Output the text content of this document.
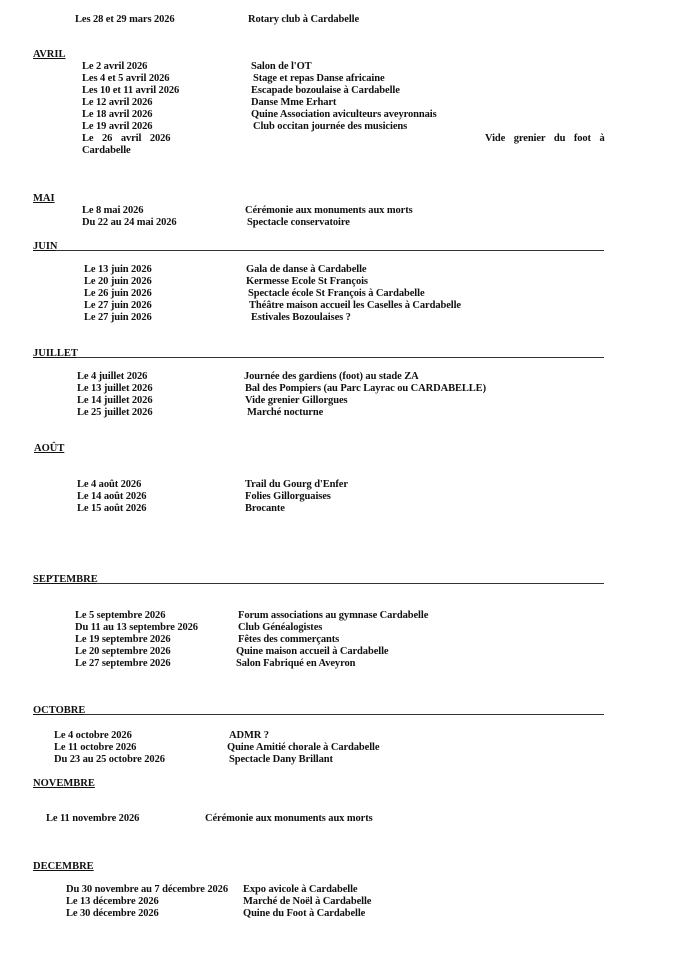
Les 28 et 29 mars 2026	Rotary club à Cardabelle
AVRIL
Le 2 avril 2026	Salon de l'OT
Les 4 et 5 avril 2026	Stage et repas Danse africaine
Les 10 et 11 avril 2026	Escapade bozoulaise à Cardabelle
Le 12 avril 2026	Danse Mme Erhart
Le 18 avril 2026	Quine Association aviculteurs aveyronnais
Le 19 avril 2026	Club occitan journée des musiciens
Le 26 avril 2026	Vide grenier du foot à
Cardabelle
MAI
Le 8 mai 2026	Cérémonie aux monuments aux morts
Du 22 au 24 mai 2026	Spectacle conservatoire
JUIN
Le 13 juin 2026	Gala de danse à Cardabelle
Le 20 juin 2026	Kermesse Ecole St François
Le 26 juin 2026	Spectacle école St François à Cardabelle
Le 27 juin 2026	Théâtre maison accueil les Caselles à Cardabelle
Le 27 juin 2026	Estivales Bozoulaises ?
JUILLET
Le 4 juillet 2026	Journée des gardiens (foot) au stade ZA
Le 13 juillet 2026	Bal des Pompiers (au Parc Layrac ou CARDABELLE)
Le 14 juillet 2026	Vide grenier Gillorgues
Le 25 juillet 2026	Marché nocturne
AOÛT
Le 4 août 2026	Trail du Gourg d'Enfer
Le 14 août 2026	Folies Gillorguaises
Le 15 août 2026	Brocante
SEPTEMBRE
Le 5 septembre 2026	Forum associations au gymnase Cardabelle
Du 11 au 13 septembre 2026	Club Généalogistes
Le 19 septembre 2026	Fêtes des commerçants
Le 20 septembre 2026	Quine maison accueil à Cardabelle
Le 27 septembre 2026	Salon Fabriqué en Aveyron
OCTOBRE
Le 4 octobre 2026	ADMR ?
Le 11 octobre 2026	Quine Amitié chorale à Cardabelle
Du 23 au 25 octobre 2026	Spectacle Dany Brillant
NOVEMBRE
Le 11 novembre 2026	Cérémonie aux monuments aux morts
DECEMBRE
Du 30 novembre au 7 décembre 2026 Expo avicole à Cardabelle
Le 13 décembre 2026	Marché de Noël à Cardabelle
Le 30 décembre 2026	Quine du Foot à Cardabelle
